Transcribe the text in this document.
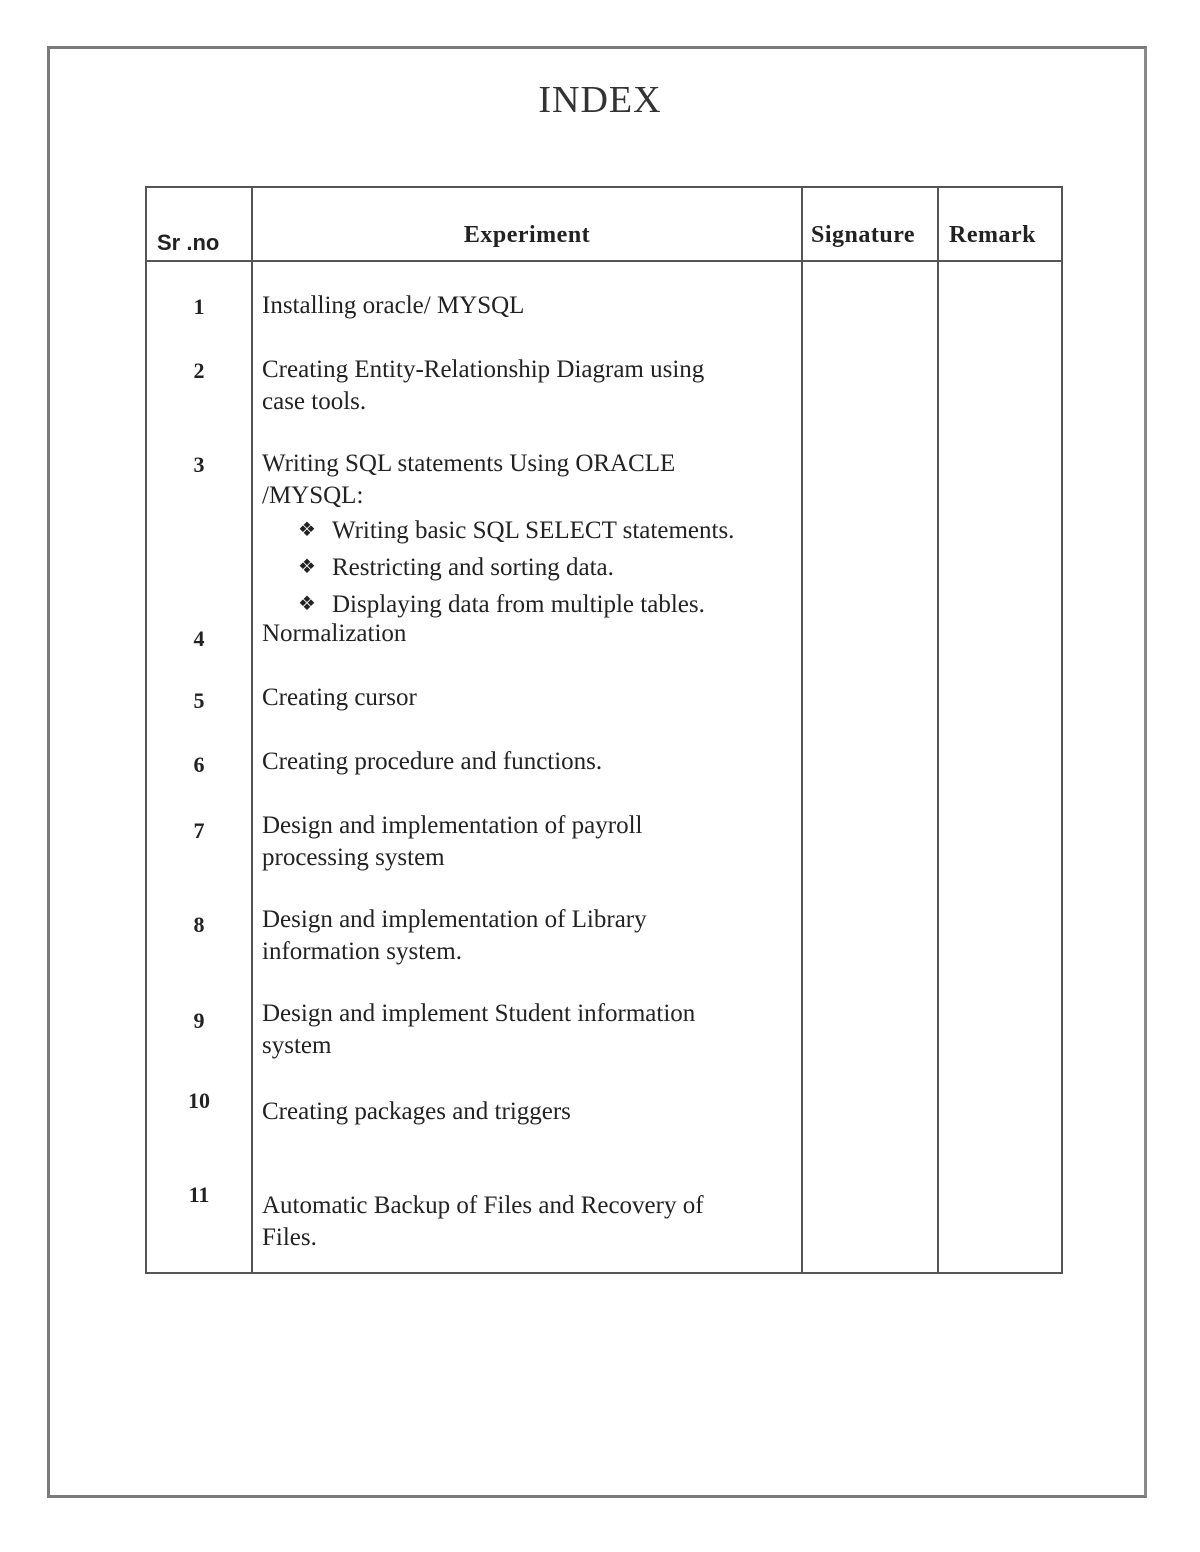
INDEX
Sr .no	Experiment	Signature Remark
1	Installing oracle/ MYSQL
2	Creating Entity-Relationship Diagram using
case tools.
3	Writing SQL statements Using ORACLE
/MYSQL:
❖ Writing basic SQL SELECT statements.
❖ Restricting and sorting data.
❖ Displaying data from multiple tables.
4	Normalization
5	Creating cursor
6	Creating procedure and functions.
7	Design and implementation of payroll
processing system
8	Design and implementation of Library
information system.
9	Design and implement Student information
system
10	Creating packages and triggers
11	Automatic Backup of Files and Recovery of
Files.
